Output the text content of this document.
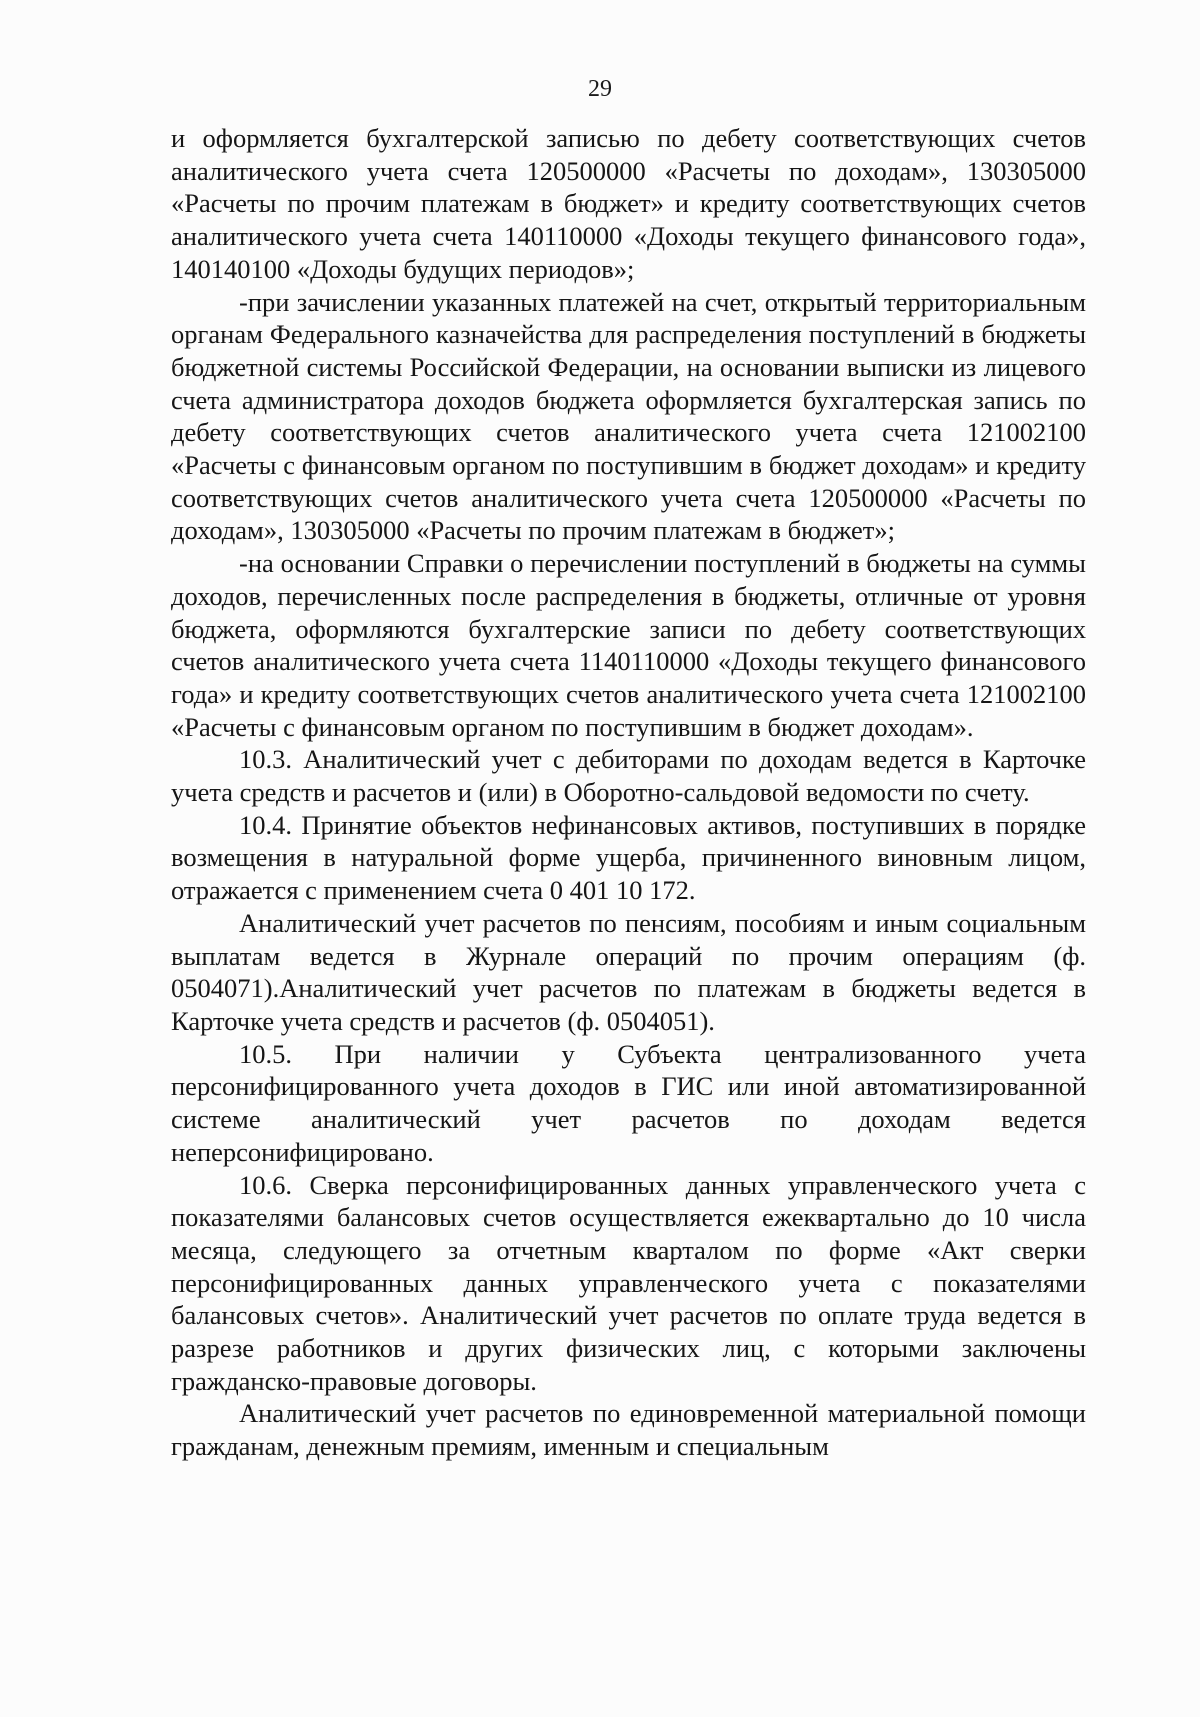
29

и оформляется бухгалтерской записью по дебету соответствующих счетов аналитического учета счета 120500000 «Расчеты по доходам», 130305000 «Расчеты по прочим платежам в бюджет» и кредиту соответствующих счетов аналитического учета счета 140110000 «Доходы текущего финансового года», 140140100 «Доходы будущих периодов»;

-при зачислении указанных платежей на счет, открытый территориальным органам Федерального казначейства для распределения поступлений в бюджеты бюджетной системы Российской Федерации, на основании выписки из лицевого счета администратора доходов бюджета оформляется бухгалтерская запись по дебету соответствующих счетов аналитического учета счета 121002100 «Расчеты с финансовым органом по поступившим в бюджет доходам» и кредиту соответствующих счетов аналитического учета счета 120500000 «Расчеты по доходам», 130305000 «Расчеты по прочим платежам в бюджет»;

-на основании Справки о перечислении поступлений в бюджеты на суммы доходов, перечисленных после распределения в бюджеты, отличные от уровня бюджета, оформляются бухгалтерские записи по дебету соответствующих счетов аналитического учета счета 1140110000 «Доходы текущего финансового года» и кредиту соответствующих счетов аналитического учета счета 121002100 «Расчеты с финансовым органом по поступившим в бюджет доходам».

10.3. Аналитический учет с дебиторами по доходам ведется в Карточке учета средств и расчетов и (или) в Оборотно-сальдовой ведомости по счету.

10.4. Принятие объектов нефинансовых активов, поступивших в порядке возмещения в натуральной форме ущерба, причиненного виновным лицом, отражается с применением счета 0 401 10 172.

Аналитический учет расчетов по пенсиям, пособиям и иным социальным выплатам ведется в Журнале операций по прочим операциям (ф. 0504071).Аналитический учет расчетов по платежам в бюджеты ведется в Карточке учета средств и расчетов (ф. 0504051).

10.5. При наличии у Субъекта централизованного учета персонифицированного учета доходов в ГИС или иной автоматизированной системе аналитический учет расчетов по доходам ведется неперсонифицировано.

10.6. Сверка персонифицированных данных управленческого учета с показателями балансовых счетов осуществляется ежеквартально до 10 числа месяца, следующего за отчетным кварталом по форме «Акт сверки персонифицированных данных управленческого учета с показателями балансовых счетов». Аналитический учет расчетов по оплате труда ведется в разрезе работников и других физических лиц, с которыми заключены гражданско-правовые договоры.

Аналитический учет расчетов по единовременной материальной помощи гражданам, денежным премиям, именным и специальным
